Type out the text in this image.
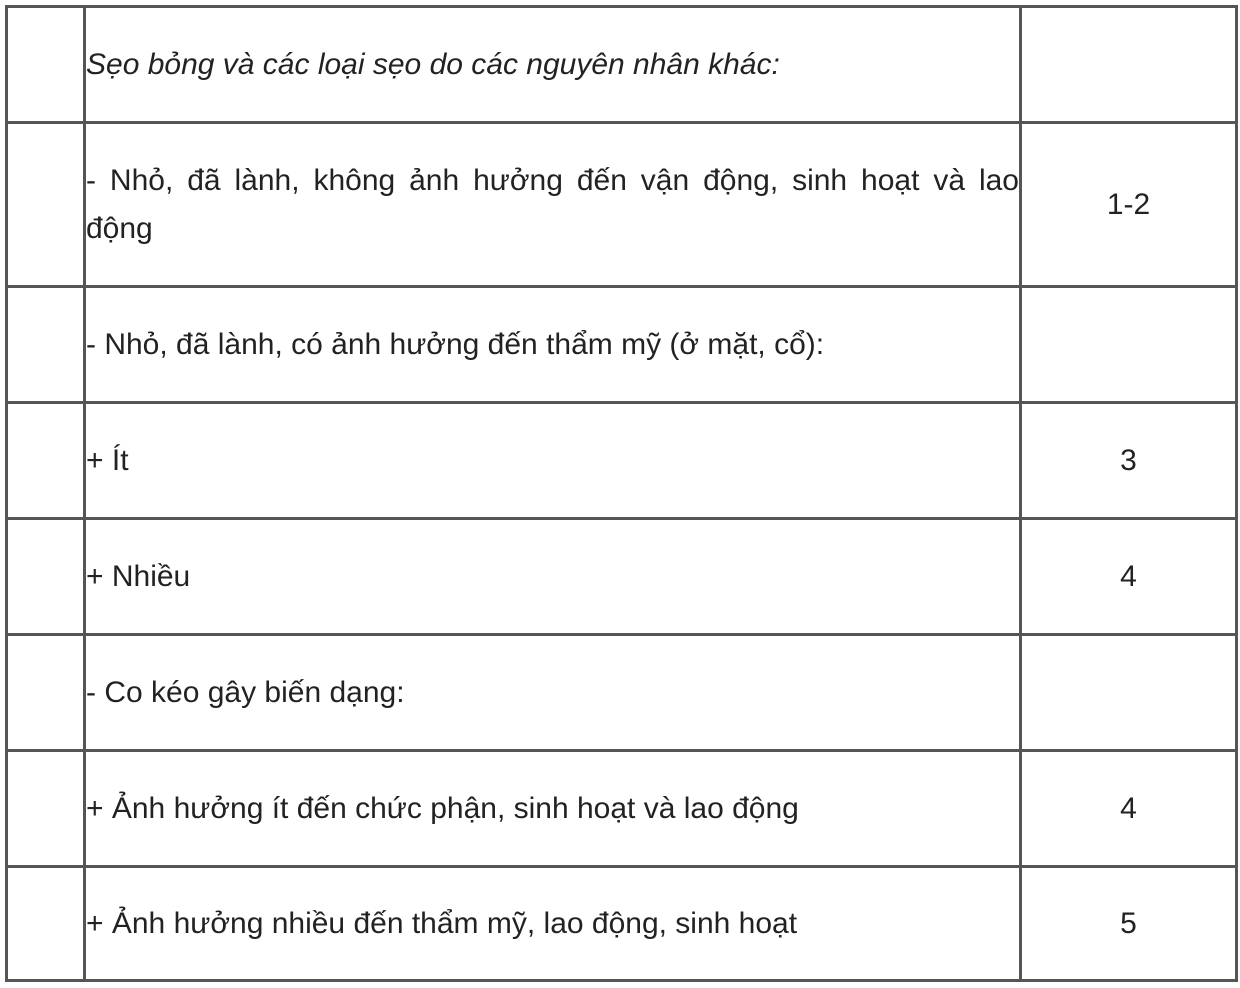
	Sẹo bỏng và các loại sẹo do các nguyên nhân khác:	
	- Nhỏ, đã lành, không ảnh hưởng đến vận động, sinh hoạt và lao động	1-2
	- Nhỏ, đã lành, có ảnh hưởng đến thẩm mỹ (ở mặt, cổ):	
	+ Ít	3
	+ Nhiều	4
	- Co kéo gây biến dạng:	
	+ Ảnh hưởng ít đến chức phận, sinh hoạt và lao động	4
	+ Ảnh hưởng nhiều đến thẩm mỹ, lao động, sinh hoạt	5
